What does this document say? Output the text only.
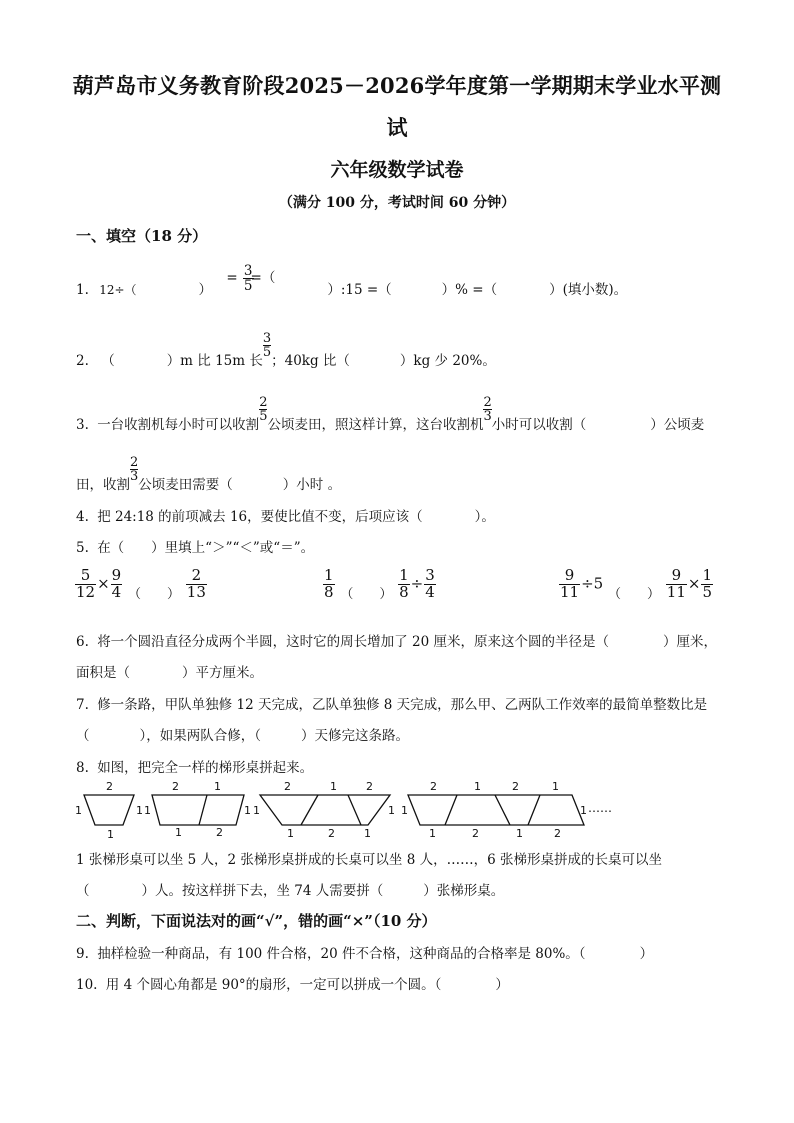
葫芦岛市义务教育阶段2025－2026学年度第一学期期末学业水平测
试
六年级数学试卷
（满分 100 分，考试时间 60 分钟）
一、填空（18 分）
1. 12÷（	） = $\frac{3}{5}$
=（）:15 =（	）% =（	）(填小数)。
2. （	）m 比 15m 长
$\frac{3}{5}$
；40kg 比（	）kg 少 20%。
3. 一台收割机每小时可以收割
$\frac{2}{5}$
公顷麦田，照这样计算，这台收割机
$\frac{2}{3}$
小时可以收割（	）公顷麦
田，收割
$\frac{2}{3}$
公顷麦田需要（	）小时 。
4. 把 24:18 的前项减去 16，要使比值不变，后项应该（	）。
5. 在（　　）里填上“＞”“＜”或“＝”。
$\frac{5}{12} \times \frac{9}{4}$ （　　） $\frac{2}{13}$	$\frac{1}{8}$ （　　） $\frac{1}{8} \div \frac{3}{4}$	$\frac{9}{11} \div 5$ （　　） $\frac{9}{11} \times \frac{1}{5}$
6. 将一个圆沿直径分成两个半圆，这时它的周长增加了 20 厘米，原来这个圆的半径是（	）厘米，
面积是（	）平方厘米。
7. 修一条路，甲队单独修 12 天完成，乙队单独修 8 天完成，那么甲、乙两队工作效率的最简单整数比是
（	），如果两队合修，（	）天修完这条路。
8. 如图，把完全一样的梯形桌拼起来。
2
1	1
1
2	1
1	1
1	2
2	1	2
1	1
1	2	1
2	1	2	1
1	1
1	2	1	2
……
1 张梯形桌可以坐 5 人，2 张梯形桌拼成的长桌可以坐 8 人，……，6 张梯形桌拼成的长桌可以坐
（	）人。按这样拼下去，坐 74 人需要拼（	）张梯形桌。
二、判断，下面说法对的画“√”，错的画“×”（10 分）
9. 抽样检验一种商品，有 100 件合格，20 件不合格，这种商品的合格率是 80%。（	）
10. 用 4 个圆心角都是 90°的扇形，一定可以拼成一个圆。（	）
